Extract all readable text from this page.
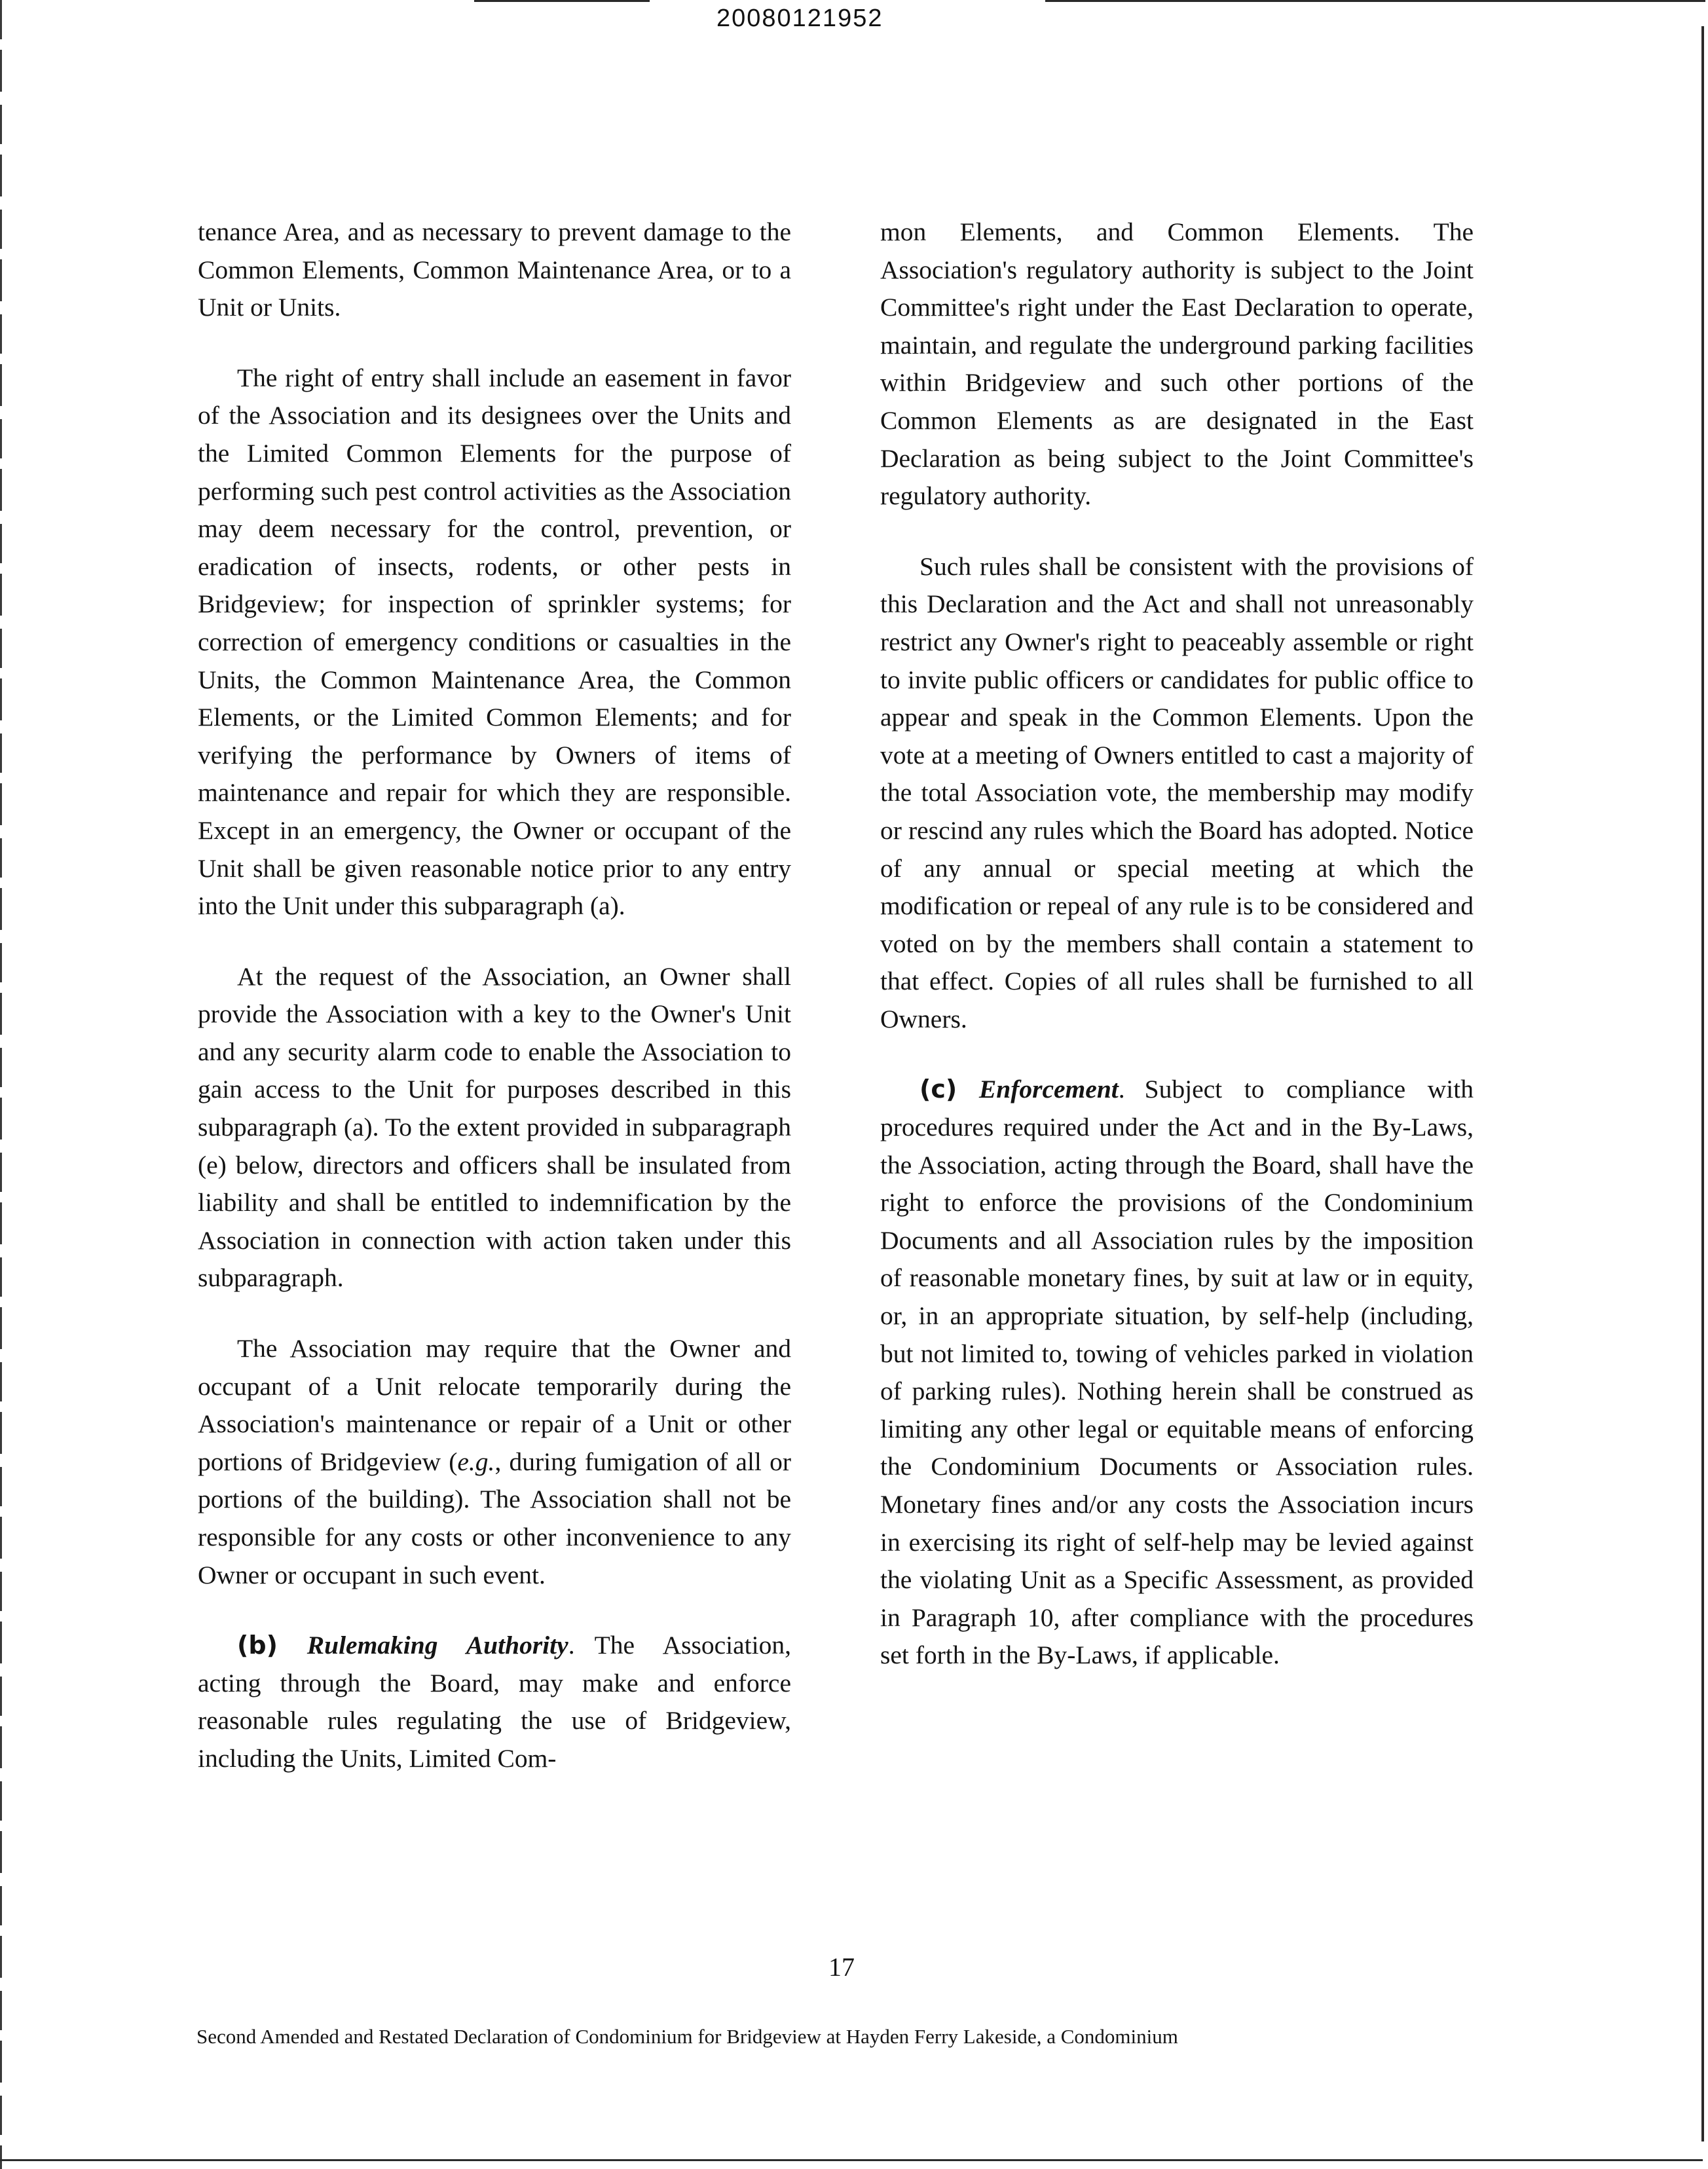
20080121952

tenance Area, and as necessary to prevent damage to the Common Elements, Common Maintenance Area, or to a Unit or Units.

The right of entry shall include an easement in favor of the Association and its designees over the Units and the Limited Common Elements for the purpose of performing such pest control activities as the Association may deem necessary for the control, prevention, or eradication of insects, rodents, or other pests in Bridgeview; for inspection of sprinkler systems; for correction of emergency conditions or casualties in the Units, the Common Maintenance Area, the Common Elements, or the Limited Common Elements; and for verifying the performance by Owners of items of maintenance and repair for which they are responsible. Except in an emergency, the Owner or occupant of the Unit shall be given reasonable notice prior to any entry into the Unit under this subparagraph (a).

At the request of the Association, an Owner shall provide the Association with a key to the Owner's Unit and any security alarm code to enable the Association to gain access to the Unit for purposes described in this subparagraph (a). To the extent provided in subparagraph (e) below, directors and officers shall be insulated from liability and shall be entitled to indemnification by the Association in connection with action taken under this subparagraph.

The Association may require that the Owner and occupant of a Unit relocate temporarily during the Association's maintenance or repair of a Unit or other portions of Bridgeview (e.g., during fumigation of all or portions of the building). The Association shall not be responsible for any costs or other inconvenience to any Owner or occupant in such event.

(b) Rulemaking Authority. The Association, acting through the Board, may make and enforce reasonable rules regulating the use of Bridgeview, including the Units, Limited Com-

mon Elements, and Common Elements. The Association's regulatory authority is subject to the Joint Committee's right under the East Declaration to operate, maintain, and regulate the underground parking facilities within Bridgeview and such other portions of the Common Elements as are designated in the East Declaration as being subject to the Joint Committee's regulatory authority.

Such rules shall be consistent with the provisions of this Declaration and the Act and shall not unreasonably restrict any Owner's right to peaceably assemble or right to invite public officers or candidates for public office to appear and speak in the Common Elements. Upon the vote at a meeting of Owners entitled to cast a majority of the total Association vote, the membership may modify or rescind any rules which the Board has adopted. Notice of any annual or special meeting at which the modification or repeal of any rule is to be considered and voted on by the members shall contain a statement to that effect. Copies of all rules shall be furnished to all Owners.

(c) Enforcement. Subject to compliance with procedures required under the Act and in the By-Laws, the Association, acting through the Board, shall have the right to enforce the provisions of the Condominium Documents and all Association rules by the imposition of reasonable monetary fines, by suit at law or in equity, or, in an appropriate situation, by self-help (including, but not limited to, towing of vehicles parked in violation of parking rules). Nothing herein shall be construed as limiting any other legal or equitable means of enforcing the Condominium Documents or Association rules. Monetary fines and/or any costs the Association incurs in exercising its right of self-help may be levied against the violating Unit as a Specific Assessment, as provided in Paragraph 10, after compliance with the procedures set forth in the By-Laws, if applicable.

17
Second Amended and Restated Declaration of Condominium for Bridgeview at Hayden Ferry Lakeside, a Condominium
